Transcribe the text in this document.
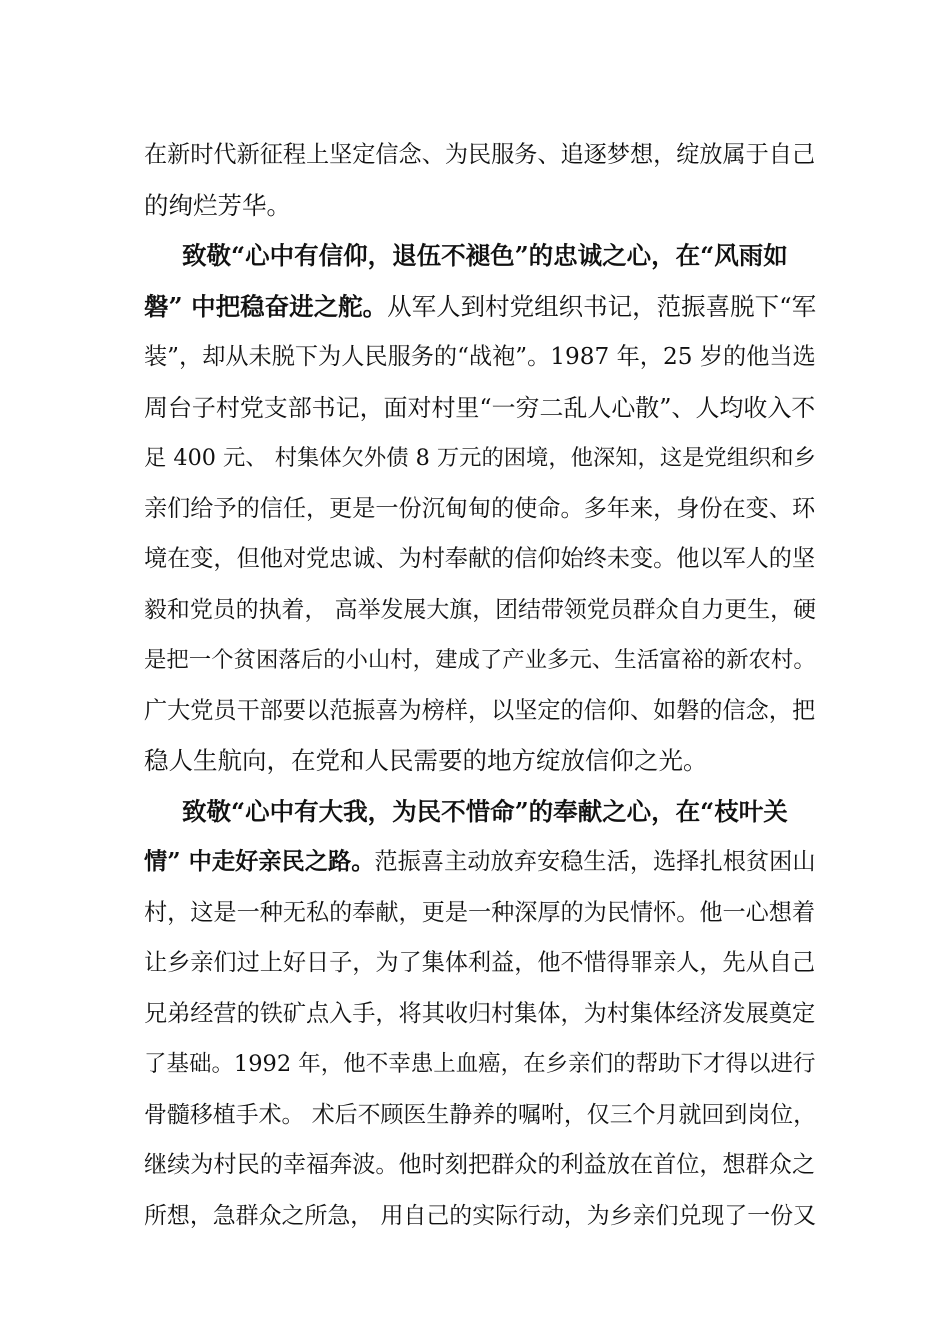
在新时代新征程上坚定信念、为民服务、追逐梦想，绽放属于自己
的绚烂芳华。
致敬“心中有信仰，退伍不褪色”的忠诚之心，在“风雨如
磐” 中把稳奋进之舵。从军人到村党组织书记，范振喜脱下“军
装”，却从未脱下为人民服务的“战袍”。1987 年，25 岁的他当选
周台子村党支部书记，面对村里“一穷二乱人心散”、人均收入不
足 400 元、 村集体欠外债 8 万元的困境，他深知，这是党组织和乡
亲们给予的信任，更是一份沉甸甸的使命。多年来，身份在变、环
境在变，但他对党忠诚、为村奉献的信仰始终未变。他以军人的坚
毅和党员的执着， 高举发展大旗，团结带领党员群众自力更生，硬
是把一个贫困落后的小山村，建成了产业多元、生活富裕的新农村。
广大党员干部要以范振喜为榜样，以坚定的信仰、如磐的信念，把
稳人生航向，在党和人民需要的地方绽放信仰之光。
致敬“心中有大我，为民不惜命”的奉献之心，在“枝叶关
情” 中走好亲民之路。范振喜主动放弃安稳生活，选择扎根贫困山
村，这是一种无私的奉献，更是一种深厚的为民情怀。他一心想着
让乡亲们过上好日子，为了集体利益，他不惜得罪亲人，先从自己
兄弟经营的铁矿点入手，将其收归村集体，为村集体经济发展奠定
了基础。1992 年，他不幸患上血癌，在乡亲们的帮助下才得以进行
骨髓移植手术。 术后不顾医生静养的嘱咐，仅三个月就回到岗位，
继续为村民的幸福奔波。他时刻把群众的利益放在首位，想群众之
所想，急群众之所急， 用自己的实际行动，为乡亲们兑现了一份又
